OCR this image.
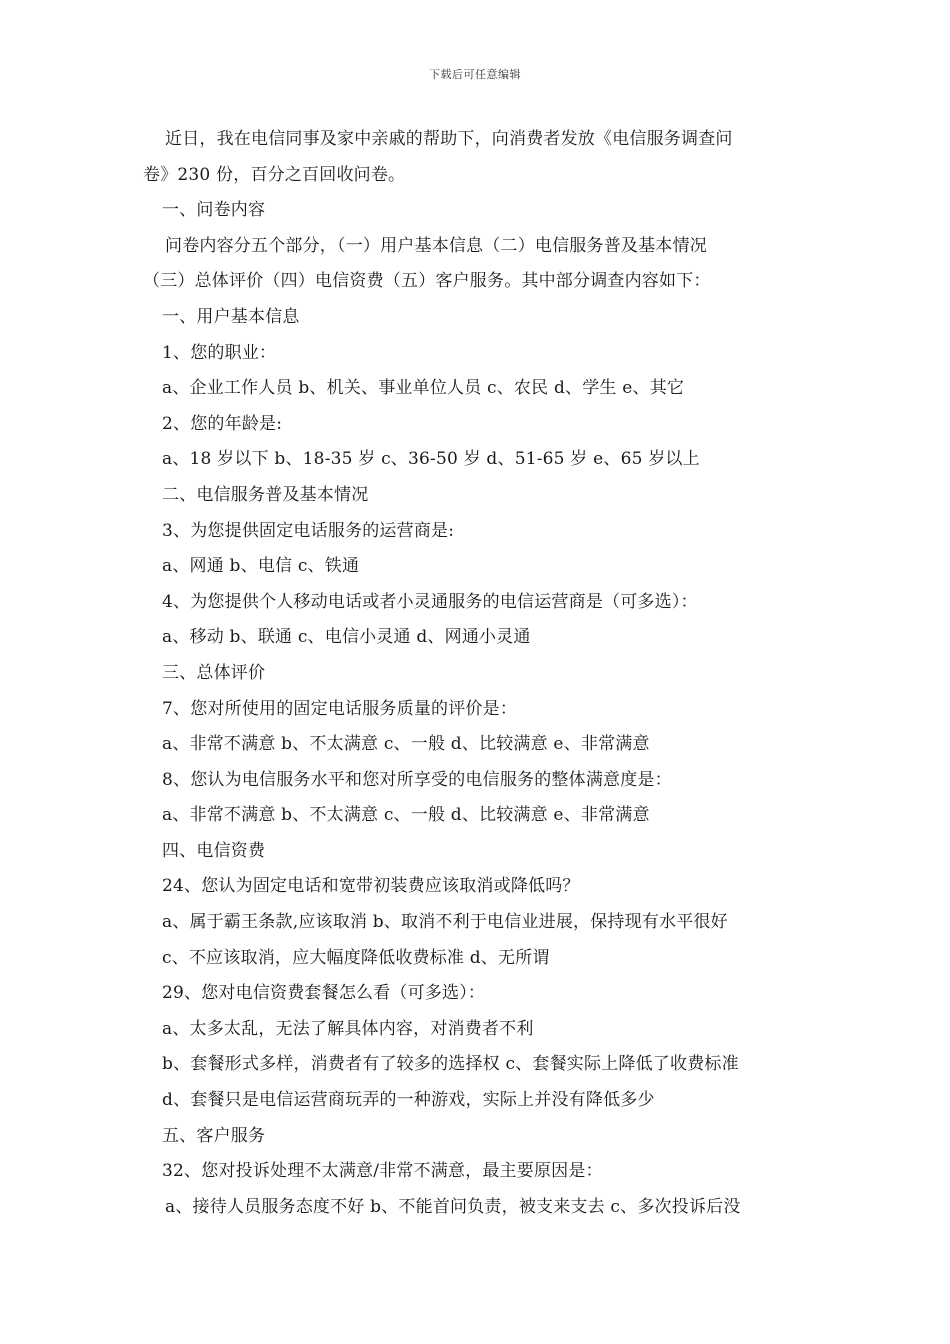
下载后可任意编辑
近日，我在电信同事及家中亲戚的帮助下，向消费者发放《电信服务调查问
卷》230 份，百分之百回收问卷。
一、问卷内容
问卷内容分五个部分，（一）用户基本信息（二）电信服务普及基本情况
（三）总体评价（四）电信资费（五）客户服务。其中部分调查内容如下：
一、用户基本信息
1、您的职业：
a、企业工作人员 b、机关、事业单位人员 c、农民 d、学生 e、其它
2、您的年龄是:
a、18 岁以下 b、18-35 岁 c、36-50 岁 d、51-65 岁 e、65 岁以上
二、电信服务普及基本情况
3、为您提供固定电话服务的运营商是:
a、网通 b、电信 c、铁通
4、为您提供个人移动电话或者小灵通服务的电信运营商是（可多选）：
a、移动 b、联通 c、电信小灵通 d、网通小灵通
三、总体评价
7、您对所使用的固定电话服务质量的评价是：
a、非常不满意 b、不太满意 c、一般 d、比较满意 e、非常满意
8、您认为电信服务水平和您对所享受的电信服务的整体满意度是：
a、非常不满意 b、不太满意 c、一般 d、比较满意 e、非常满意
四、电信资费
24、您认为固定电话和宽带初装费应该取消或降低吗？
a、属于霸王条款,应该取消 b、取消不利于电信业进展，保持现有水平很好
c、不应该取消，应大幅度降低收费标准 d、无所谓
29、您对电信资费套餐怎么看（可多选）：
a、太多太乱，无法了解具体内容，对消费者不利
b、套餐形式多样，消费者有了较多的选择权 c、套餐实际上降低了收费标准
d、套餐只是电信运营商玩弄的一种游戏，实际上并没有降低多少
五、客户服务
32、您对投诉处理不太满意/非常不满意，最主要原因是：
a、接待人员服务态度不好 b、不能首问负责，被支来支去 c、多次投诉后没
